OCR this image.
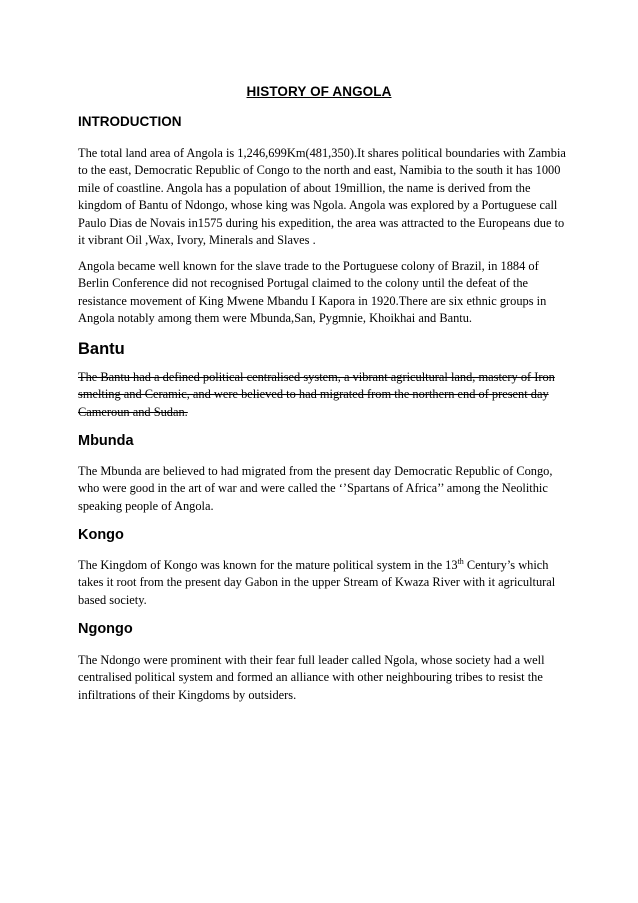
HISTORY OF ANGOLA
INTRODUCTION

The total land area of Angola is 1,246,699Km(481,350).It shares political boundaries with Zambia to the east, Democratic Republic of Congo to the north and east, Namibia to the south it has 1000 mile of coastline. Angola has a population of about 19million, the name is derived from the kingdom of Bantu of Ndongo, whose king was Ngola. Angola was explored by a Portuguese call Paulo Dias de Novais in1575 during his expedition, the area was attracted to the Europeans due to it vibrant Oil ,Wax, Ivory, Minerals and Slaves .

Angola became well known for the slave trade to the Portuguese colony of Brazil, in 1884 of Berlin Conference did not recognised Portugal claimed to the colony until the defeat of the resistance movement of King Mwene Mbandu I Kapora in 1920.There are six ethnic groups in Angola notably among them were Mbunda,San, Pygmnie, Khoikhai and Bantu.

Bantu

The Bantu had a defined political centralised system, a vibrant agricultural land, mastery of Iron smelting and Ceramic, and were believed to had migrated from the northern end of present day Cameroun and Sudan.

Mbunda

The Mbunda are believed to had migrated from the present day Democratic Republic of Congo, who were good in the art of war and were called the ‘’Spartans of Africa’’ among the Neolithic speaking people of Angola.

Kongo

The Kingdom of Kongo was known for the mature political system in the 13th Century’s which takes it root from the present day Gabon in the upper Stream of Kwaza River with it agricultural based society.

Ngongo

The Ndongo were prominent with their fear full leader called Ngola, whose society had a well centralised political system and formed an alliance with other neighbouring tribes to resist the infiltrations of their Kingdoms by outsiders.
